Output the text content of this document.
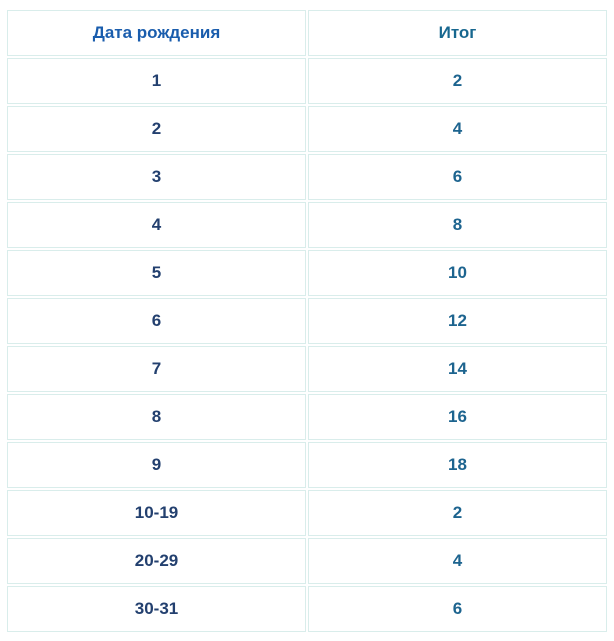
Дата рождения	Итог
1	2
2	4
3	6
4	8
5	10
6	12
7	14
8	16
9	18
10-19	2
20-29	4
30-31	6
